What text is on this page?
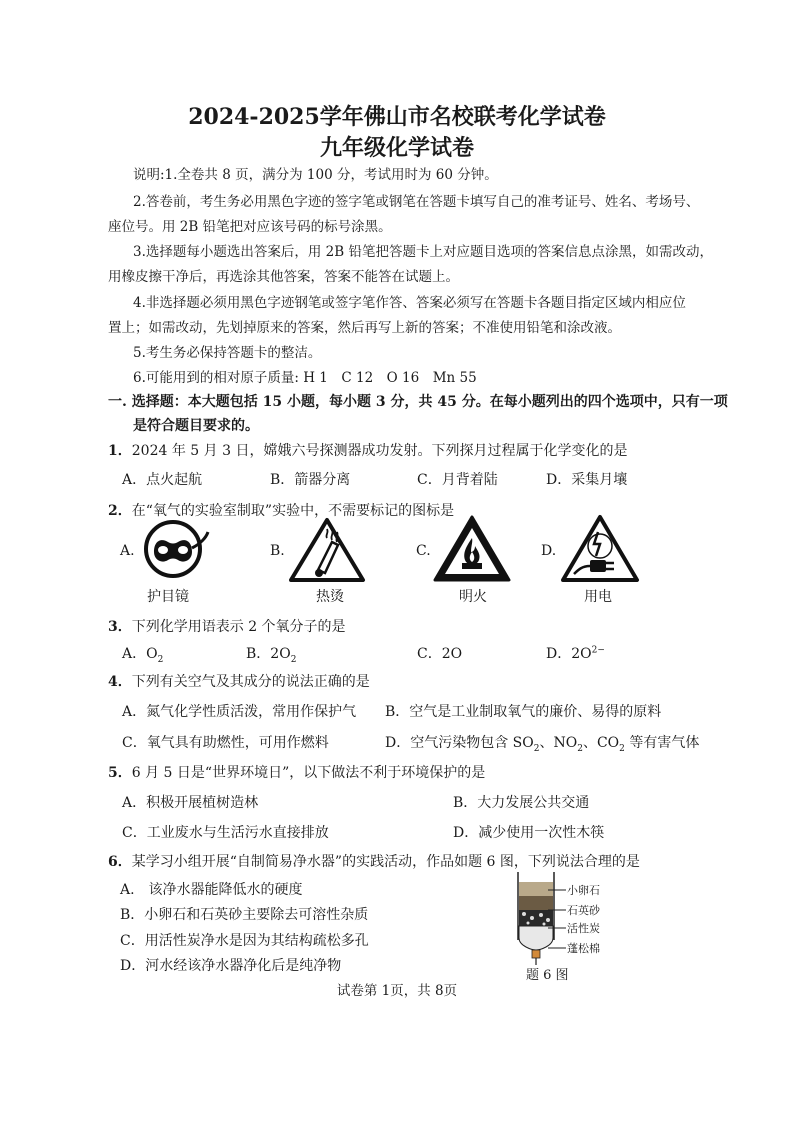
2024-2025学年佛山市名校联考化学试卷
九年级化学试卷
说明:1.全卷共 8 页，满分为 100 分，考试用时为 60 分钟。
2.答卷前，考生务必用黑色字迹的签字笔或钢笔在答题卡填写自己的准考证号、姓名、考场号、
座位号。用 2B 铅笔把对应该号码的标号涂黑。
3.选择题每小题选出答案后，用 2B 铅笔把答题卡上对应题目选项的答案信息点涂黑，如需改动，
用橡皮擦干净后，再选涂其他答案，答案不能答在试题上。
4.非选择题必须用黑色字迹钢笔或签字笔作答、答案必须写在答题卡各题目指定区域内相应位
置上；如需改动，先划掉原来的答案，然后再写上新的答案；不准使用铅笔和涂改液。
5.考生务必保持答题卡的整洁。
6.可能用到的相对原子质量: H 1　C 12　O 16　Mn 55
一. 选择题：本大题包括 15 小题，每小题 3 分，共 45 分。在每小题列出的四个选项中，只有一项
是符合题目要求的。
1．2024 年 5 月 3 日，嫦娥六号探测器成功发射。下列探月过程属于化学变化的是
A．点火起航	B．箭器分离	C．月背着陆	D．采集月壤
2．在“氧气的实验室制取”实验中，不需要标记的图标是
A.
护目镜
B.
热烫
C.
明火
D.
用电
3．下列化学用语表示 2 个氧分子的是
A．$O_2$	B．$2O_2$	C．2O	D．$2O^{2-}$
4．下列有关空气及其成分的说法正确的是
A．氮气化学性质活泼，常用作保护气 B．空气是工业制取氧气的廉价、易得的原料
C．氧气具有助燃性，可用作燃料	D．空气污染物包含 $SO_2$、$NO_2$、$CO_2$ 等有害气体
5．6 月 5 日是“世界环境日”，以下做法不利于环境保护的是
A．积极开展植树造林	B．大力发展公共交通
C．工业废水与生活污水直接排放	D．减少使用一次性木筷
6．某学习小组开展“自制简易净水器”的实践活动，作品如题 6 图，下列说法合理的是
A.　该净水器能降低水的硬度
B．小卵石和石英砂主要除去可溶性杂质
C．用活性炭净水是因为其结构疏松多孔
D．河水经该净水器净化后是纯净物
小卵石
石英砂
活性炭
蓬松棉
题 6 图
试卷第 1页，共 8页
